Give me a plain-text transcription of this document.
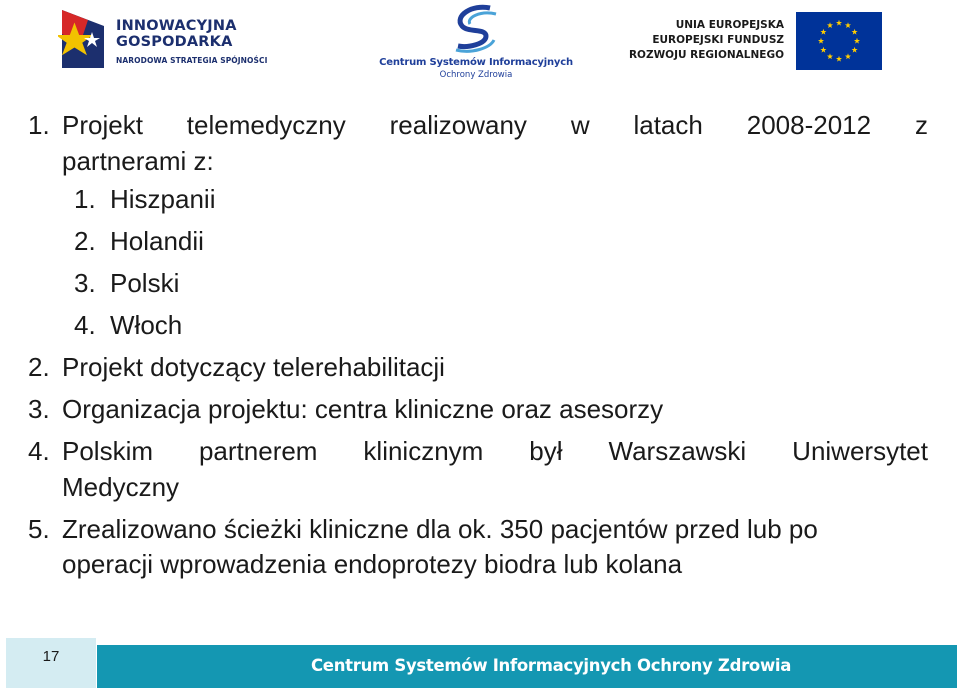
INNOWACYJNA
GOSPODARKA
NARODOWA STRATEGIA SPÓJNOŚCI	Centrum Systemów Informacyjnych
Ochrony Zdrowia
UNIA EUROPEJSKA
EUROPEJSKI FUNDUSZ
ROZWOJU REGIONALNEGO
1. Projekt telemedyczny realizowany w latach 2008-2012 z
partnerami z:
1. Hiszpanii
2. Holandii
3. Polski
4. Włoch
2. Projekt dotyczący telerehabilitacji
3. Organizacja projektu: centra kliniczne oraz asesorzy
4. Polskim partnerem klinicznym był Warszawski Uniwersytet
Medyczny
5. Zrealizowano ścieżki kliniczne dla ok. 350 pacjentów przed lub po
operacji wprowadzenia endoprotezy biodra lub kolana
17	Centrum Systemów Informacyjnych Ochrony Zdrowia
